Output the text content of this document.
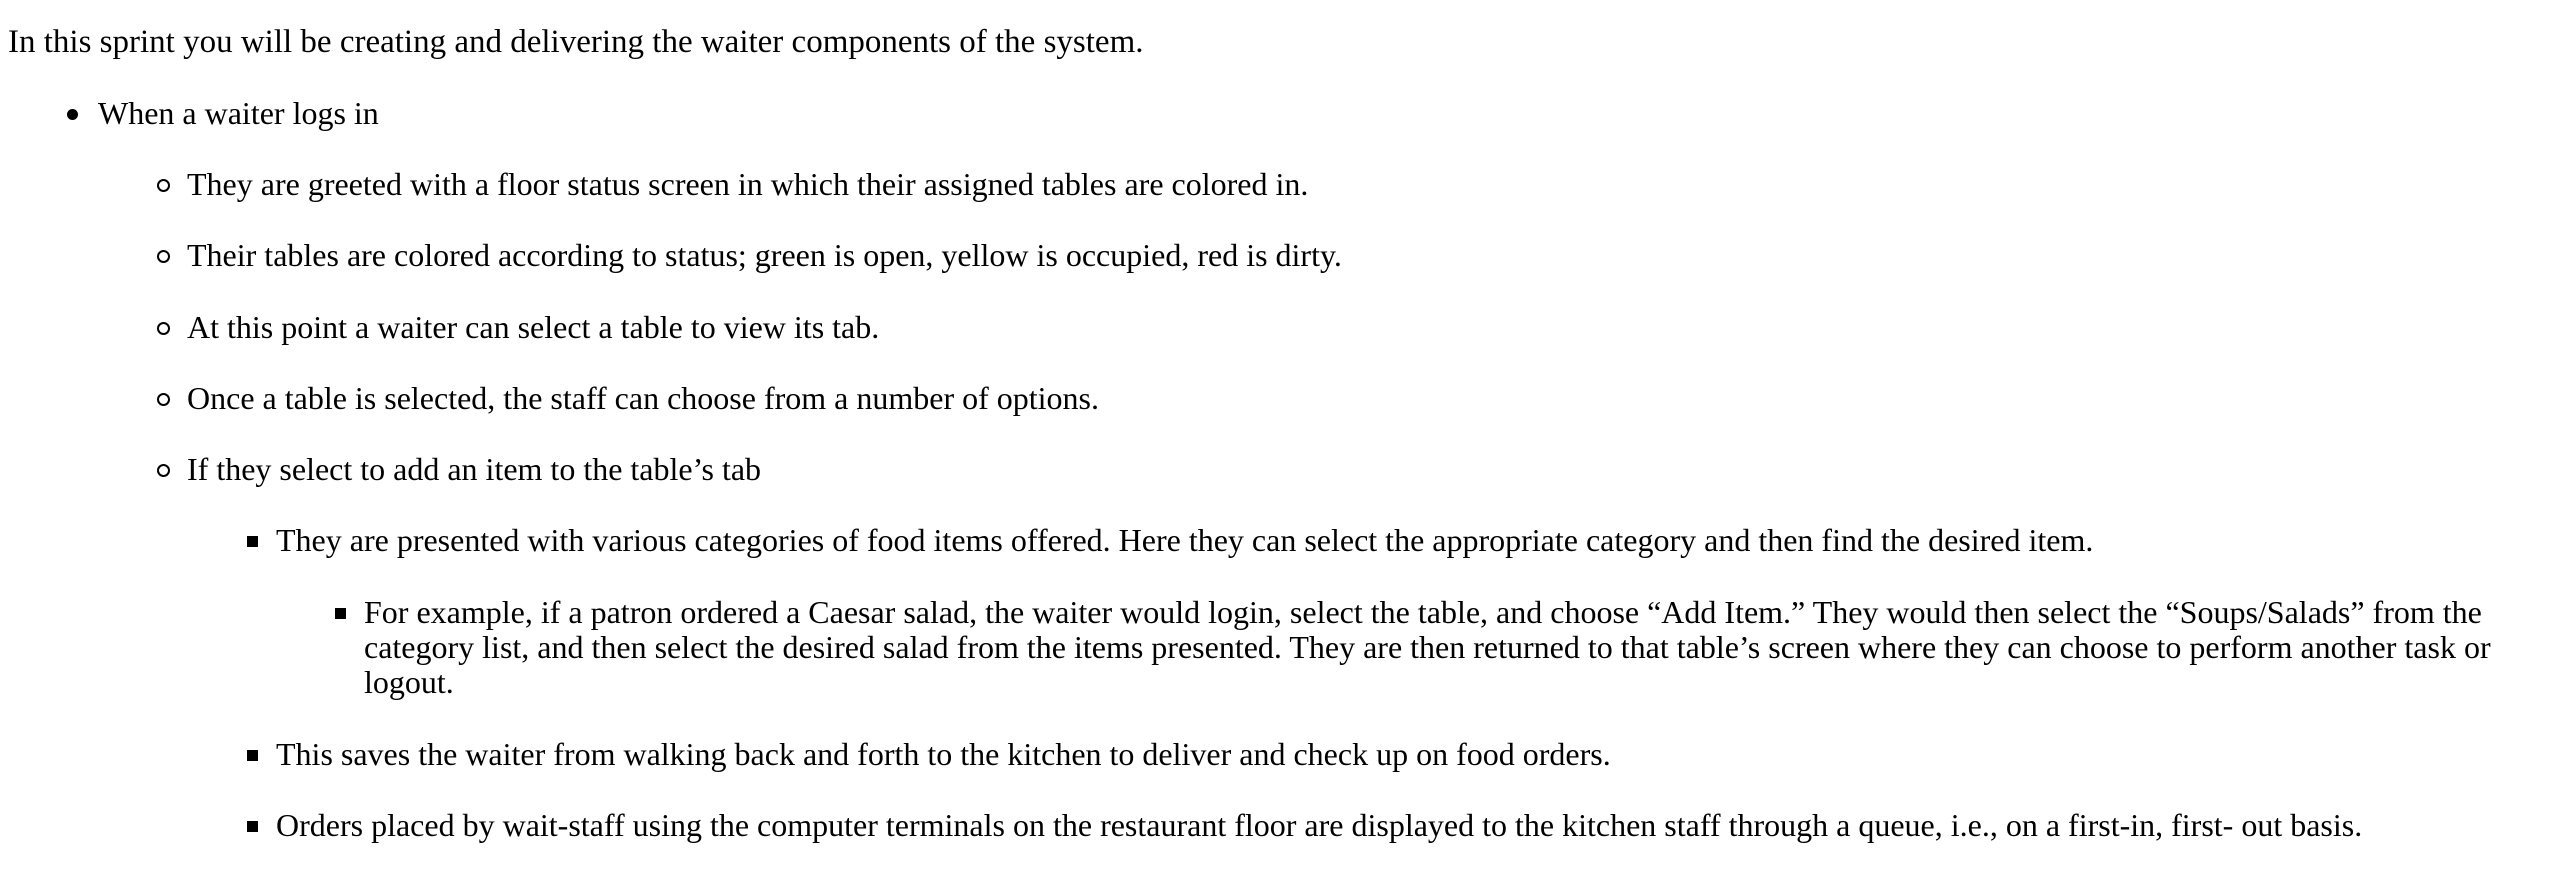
In this sprint you will be creating and delivering the waiter components of the system.

When a waiter logs in
They are greeted with a floor status screen in which their assigned tables are colored in.
Their tables are colored according to status; green is open, yellow is occupied, red is dirty.
At this point a waiter can select a table to view its tab.
Once a table is selected, the staff can choose from a number of options.
If they select to add an item to the table’s tab
They are presented with various categories of food items offered. Here they can select the appropriate category and then find the desired item.
For example, if a patron ordered a Caesar salad, the waiter would login, select the table, and choose “Add Item.” They would then select the “Soups/Salads” from the category list, and then select the desired salad from the items presented. They are then returned to that table’s screen where they can choose to perform another task or logout.
This saves the waiter from walking back and forth to the kitchen to deliver and check up on food orders.
Orders placed by wait-staff using the computer terminals on the restaurant floor are displayed to the kitchen staff through a queue, i.e., on a first-in, first- out basis.
